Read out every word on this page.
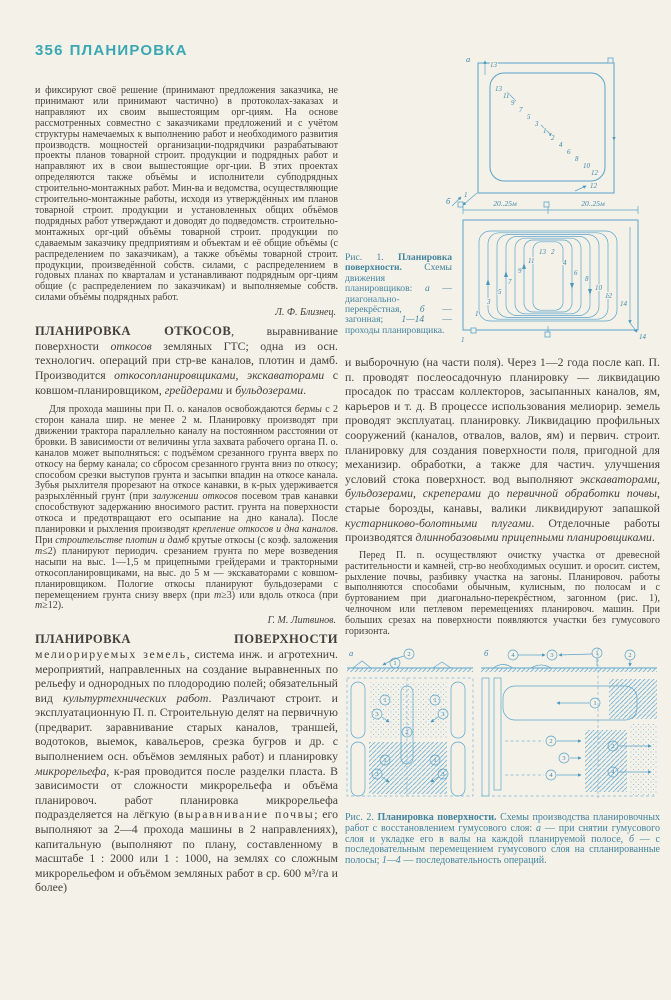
356 ПЛАНИРОВКА
и фиксируют своё решение (принимают предложения заказчика, не принимают или принимают частично) в протоколах-заказах и направляют их своим вышестоящим орг-циям. На основе рассмотренных совместно с заказчиками предложений и с учётом структуры намечаемых к выполнению работ и необходимого развития производств. мощностей организации-подрядчики разрабатывают проекты планов товарной строит. продукции и подрядных работ и направляют их в свои вышестоящие орг-ции. В этих проектах определяются также объёмы и исполнители субподрядных строительно-монтажных работ. Мин-ва и ведомства, осуществляющие строительно-монтажные работы, исходя из утверждённых им планов товарной строит. продукции и установленных общих объёмов подрядных работ утверждают и доводят до подведомств. строительно-монтажных орг-ций объёмы товарной строит. продукции по сдаваемым заказчику предприятиям и объектам и её общие объёмы (с распределением по заказчикам), а также объёмы товарной строит. продукции, произведённой собств. силами, с распределением в годовых планах по кварталам и устанавливают подрядным орг-циям общие (с распределением по заказчикам) и выполняемые собств. силами объёмы подрядных работ.
Л. Ф. Близнец.
ПЛАНИРОВКА ОТКОСОВ, выравнивание поверхности откосов земляных ГТС; одна из осн. технологич. операций при стр-ве каналов, плотин и дамб. Производится откосопланировщиками, экскаваторами с ковшом-планировщиком, грейдерами и бульдозерами.
Для прохода машины при П. о. каналов освобождаются бермы с 2 сторон канала шир. не менее 2 м. Планировку производят при движении трактора параллельно каналу на постоянном расстоянии от бровки. В зависимости от величины угла захвата рабочего органа П. о. каналов может выполняться: с подъёмом срезанного грунта вверх по откосу на берму канала; со сбросом срезанного грунта вниз по откосу; способом срезки выступов грунта и засыпки впадин на откосе канала. Зубья рыхлителя прорезают на откосе канавки, в к-рых удерживается разрыхлённый грунт (при залужении откосов посевом трав канавки способствуют задержанию вносимого растит. грунта на поверхности откоса и предотвращают его осыпание на дно канала). После планировки и рыхления производят крепление откосов и дна каналов. При строительстве плотин и дамб крутые откосы (с коэф. заложения m≤2) планируют периодич. срезанием грунта по мере возведения насыпи на выс. 1—1,5 м прицепными грейдерами и тракторными откосопланировщиками, на выс. до 5 м — экскаваторами с ковшом-планировщиком. Пологие откосы планируют бульдозерами с перемещением грунта снизу вверх (при m≥3) или вдоль откоса (при m≥12).
Г. М. Литвинов.
ПЛАНИРОВКА ПОВЕРХНОСТИ мелиорируемых земель, система инж. и агротехнич. мероприятий, направленных на создание выравненных по рельефу и однородных по плодородию полей; обязательный вид культуртехнических работ. Различают строит. и эксплуатационную П. п. Строительную делят на первичную (предварит. заравнивание старых каналов, траншей, водотоков, выемок, кавальеров, срезка бугров и др. с выполнением осн. объёмов земляных работ) и планировку микрорельефа, к-рая проводится после разделки пласта. В зависимости от сложности микрорельефа и объёма планировоч. работ планировка микрорельефа подразделяется на лёгкую (выравнивание почвы; его выполняют за 2—4 прохода машины в 2 направлениях), капитальную (выполняют по плану, составленному в масштабе 1 : 2000 или 1 : 1000, на землях со сложным микрорельефом и объёмом земляных работ в ср. 600 м³/га и более)
а
13
13
11
9
7
5
3
1
2
4
6
8
10
12
12
20..25м	20..25м
б
1
14
1
3
5
7
9
11
13 2
4
6
8
10
12
14
1
Рис. 1. Планировка поверхности. Схемы движения планировщиков: а — диагонально-перекрёстная, б — загонная; 1—14 — проходы планировщика.
и выборочную (на части поля). Через 1—2 года после кап. П. п. проводят послеосадочную планировку — ликвидацию просадок по трассам коллекторов, засыпанных каналов, ям, карьеров и т. д. В процессе использования мелиорир. земель проводят эксплуатац. планировку. Ликвидацию профильных сооружений (каналов, отвалов, валов, ям) и первич. строит. планировку для создания поверхности поля, пригодной для механизир. обработки, а также для частич. улучшения условий стока поверхност. вод выполняют экскаваторами, бульдозерами, скреперами до первичной обработки почвы, старые борозды, канавы, валики ликвидируют запашкой кустарниково-болотными плугами. Отделочные работы производятся длиннобазовыми прицепными планировщиками.
Перед П. п. осуществляют очистку участка от древесной растительности и камней, стр-во необходимых осушит. и оросит. систем, рыхление почвы, разбивку участка на загоны. Планировоч. работы выполняются способами обычным, кулисным, по полосам и с буртованием при диагонально-перекрёстном, загонном (рис. 1), челночном или петлевом перемещениях планировоч. машин. При больших срезах на поверхности появляются участки без гумусового горизонта.
а	2
1
1
3
1
3
2
1
3
1
3
б	4	3	1	2
1
2
3
4
2
4
Рис. 2. Планировка поверхности. Схемы производства планировочных работ с восстановлением гумусового слоя: а — при снятии гумусового слоя и укладке его в валы на каждой планируемой полосе, б — с последовательным перемещением гумусового слоя на спланированные полосы; 1—4 — последовательность операций.
